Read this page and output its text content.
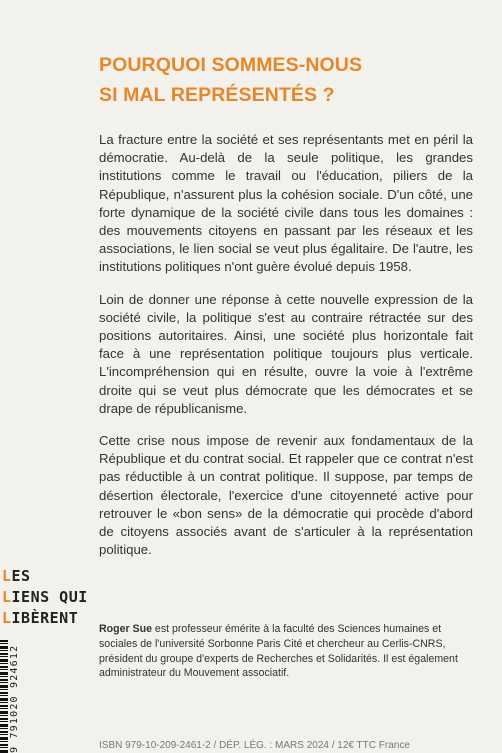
POURQUOI SOMMES-NOUS
SI MAL REPRÉSENTÉS ?

La fracture entre la société et ses représentants met en péril la démocratie. Au-delà de la seule politique, les grandes institutions comme le travail ou l'éducation, piliers de la République, n'assurent plus la cohésion sociale. D'un côté, une forte dynamique de la société civile dans tous les domaines : des mouvements citoyens en passant par les réseaux et les associations, le lien social se veut plus égalitaire. De l'autre, les institutions politiques n'ont guère évolué depuis 1958.

Loin de donner une réponse à cette nouvelle expression de la société civile, la politique s'est au contraire rétractée sur des positions autoritaires. Ainsi, une société plus horizontale fait face à une représentation politique toujours plus verticale. L'incompréhension qui en résulte, ouvre la voie à l'extrême droite qui se veut plus démocrate que les démocrates et se drape de républicanisme.

Cette crise nous impose de revenir aux fondamentaux de la République et du contrat social. Et rappeler que ce contrat n'est pas réductible à un contrat politique. Il suppose, par temps de désertion électorale, l'exercice d'une citoyenneté active pour retrouver le «bon sens» de la démocratie qui procède d'abord de citoyens associés avant de s'articuler à la représentation politique.

Roger Sue est professeur émérite à la faculté des Sciences humaines et sociales de l'université Sorbonne Paris Cité et chercheur au Cerlis-CNRS, président du groupe d'experts de Recherches et Solidarités. Il est également administrateur du Mouvement associatif.
ISBN 979-10-209-2461-2 / DÉP. LÉG. : MARS 2024 / 12€ TTC France
LES
LIENS QUI
LIBÈRENT
9 791020 924612
